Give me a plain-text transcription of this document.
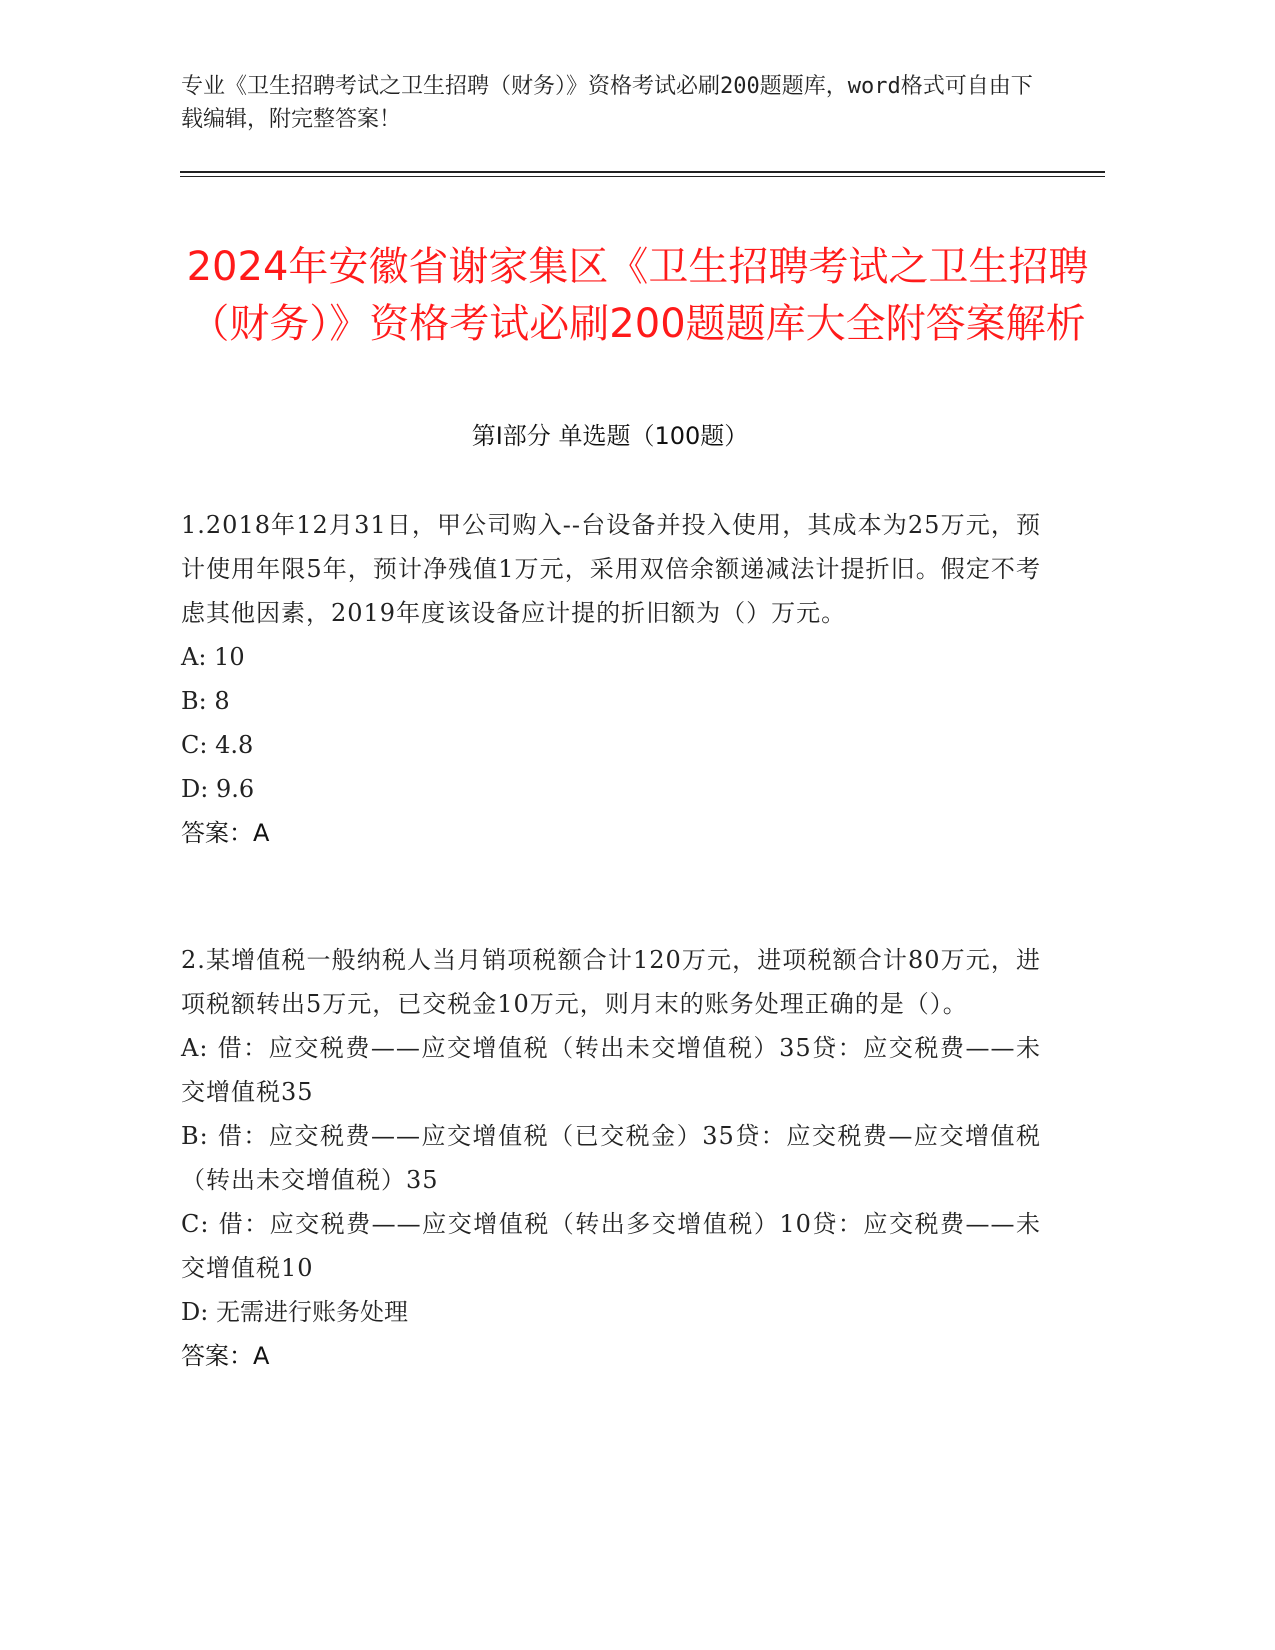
专业《卫生招聘考试之卫生招聘（财务）》资格考试必刷200题题库，word格式可自由下载编辑，附完整答案！
2024年安徽省谢家集区《卫生招聘考试之卫生招聘（财务）》资格考试必刷200题题库大全附答案解析
第Ⅰ部分 单选题（100题）

1.2018年12月31日，甲公司购入--台设备并投入使用，其成本为25万元，预计使用年限5年，预计净残值1万元，采用双倍余额递减法计提折旧。假定不考虑其他因素，2019年度该设备应计提的折旧额为（）万元。

A: 10

B: 8

C: 4.8

D: 9.6

答案：A

2.某增值税一般纳税人当月销项税额合计120万元，进项税额合计80万元，进项税额转出5万元，已交税金10万元，则月末的账务处理正确的是（）。

A: 借：应交税费——应交增值税（转出未交增值税）35贷：应交税费——未交增值税35

B: 借：应交税费——应交增值税（已交税金）35贷：应交税费—应交增值税（转出未交增值税）35

C: 借：应交税费——应交增值税（转出多交增值税）10贷：应交税费——未交增值税10

D: 无需进行账务处理

答案：A
